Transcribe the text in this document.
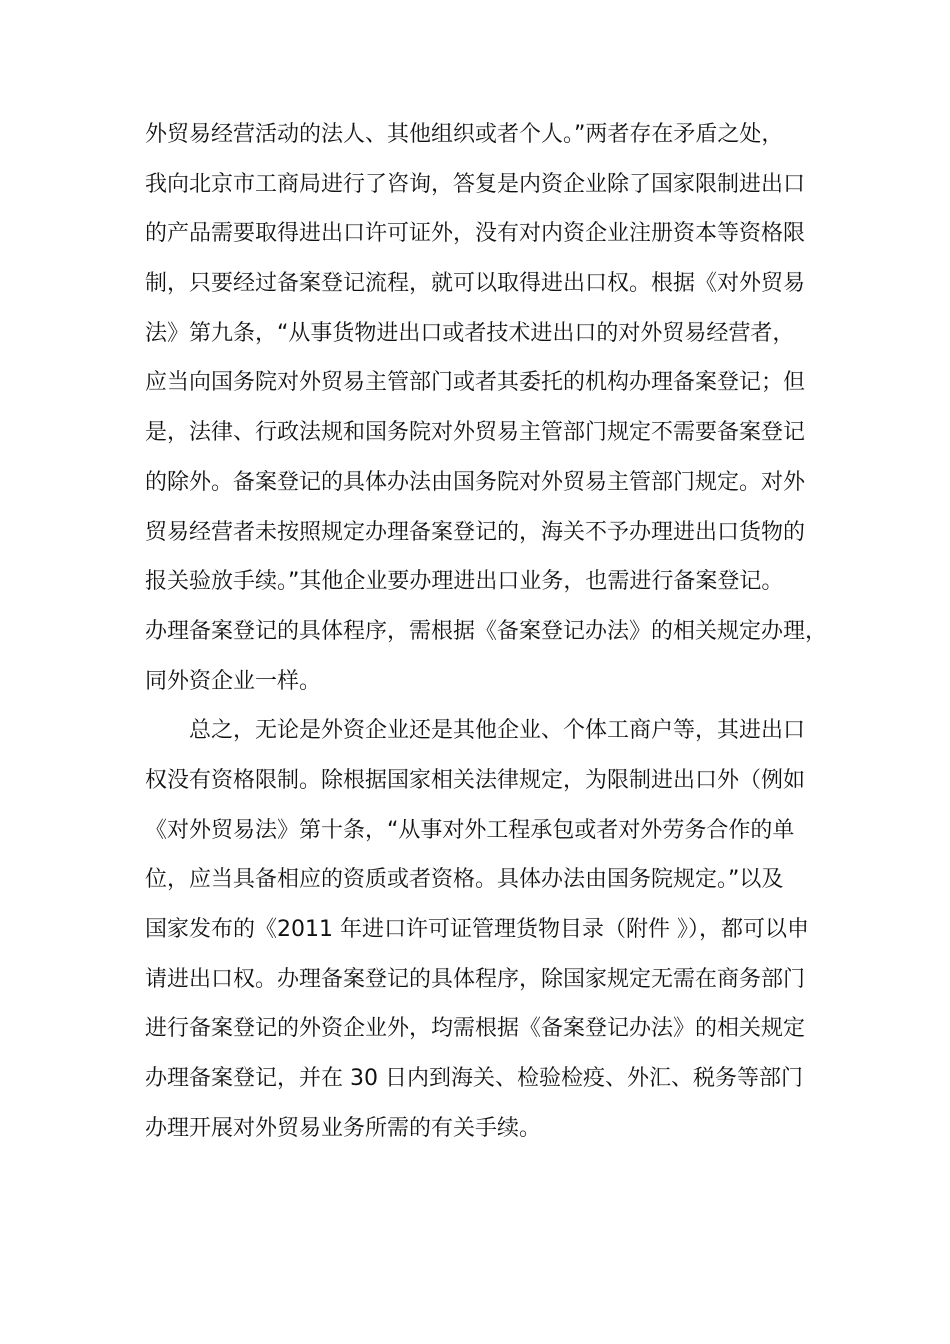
外贸易经营活动的法人、其他组织或者个人。”两者存在矛盾之处，
我向北京市工商局进行了咨询，答复是内资企业除了国家限制进出口
的产品需要取得进出口许可证外，没有对内资企业注册资本等资格限
制，只要经过备案登记流程，就可以取得进出口权。根据《对外贸易
法》第九条，“从事货物进出口或者技术进出口的对外贸易经营者，
应当向国务院对外贸易主管部门或者其委托的机构办理备案登记；但
是，法律、行政法规和国务院对外贸易主管部门规定不需要备案登记
的除外。备案登记的具体办法由国务院对外贸易主管部门规定。对外
贸易经营者未按照规定办理备案登记的，海关不予办理进出口货物的
报关验放手续。”其他企业要办理进出口业务，也需进行备案登记。
办理备案登记的具体程序，需根据《备案登记办法》的相关规定办理，
同外资企业一样。
总之，无论是外资企业还是其他企业、个体工商户等，其进出口
权没有资格限制。除根据国家相关法律规定，为限制进出口外（例如
《对外贸易法》第十条，“从事对外工程承包或者对外劳务合作的单
位，应当具备相应的资质或者资格。具体办法由国务院规定。”以及
国家发布的《2011 年进口许可证管理货物目录（附件 》），都可以申
请进出口权。办理备案登记的具体程序，除国家规定无需在商务部门
进行备案登记的外资企业外，均需根据《备案登记办法》的相关规定
办理备案登记，并在 30 日内到海关、检验检疫、外汇、税务等部门
办理开展对外贸易业务所需的有关手续。
